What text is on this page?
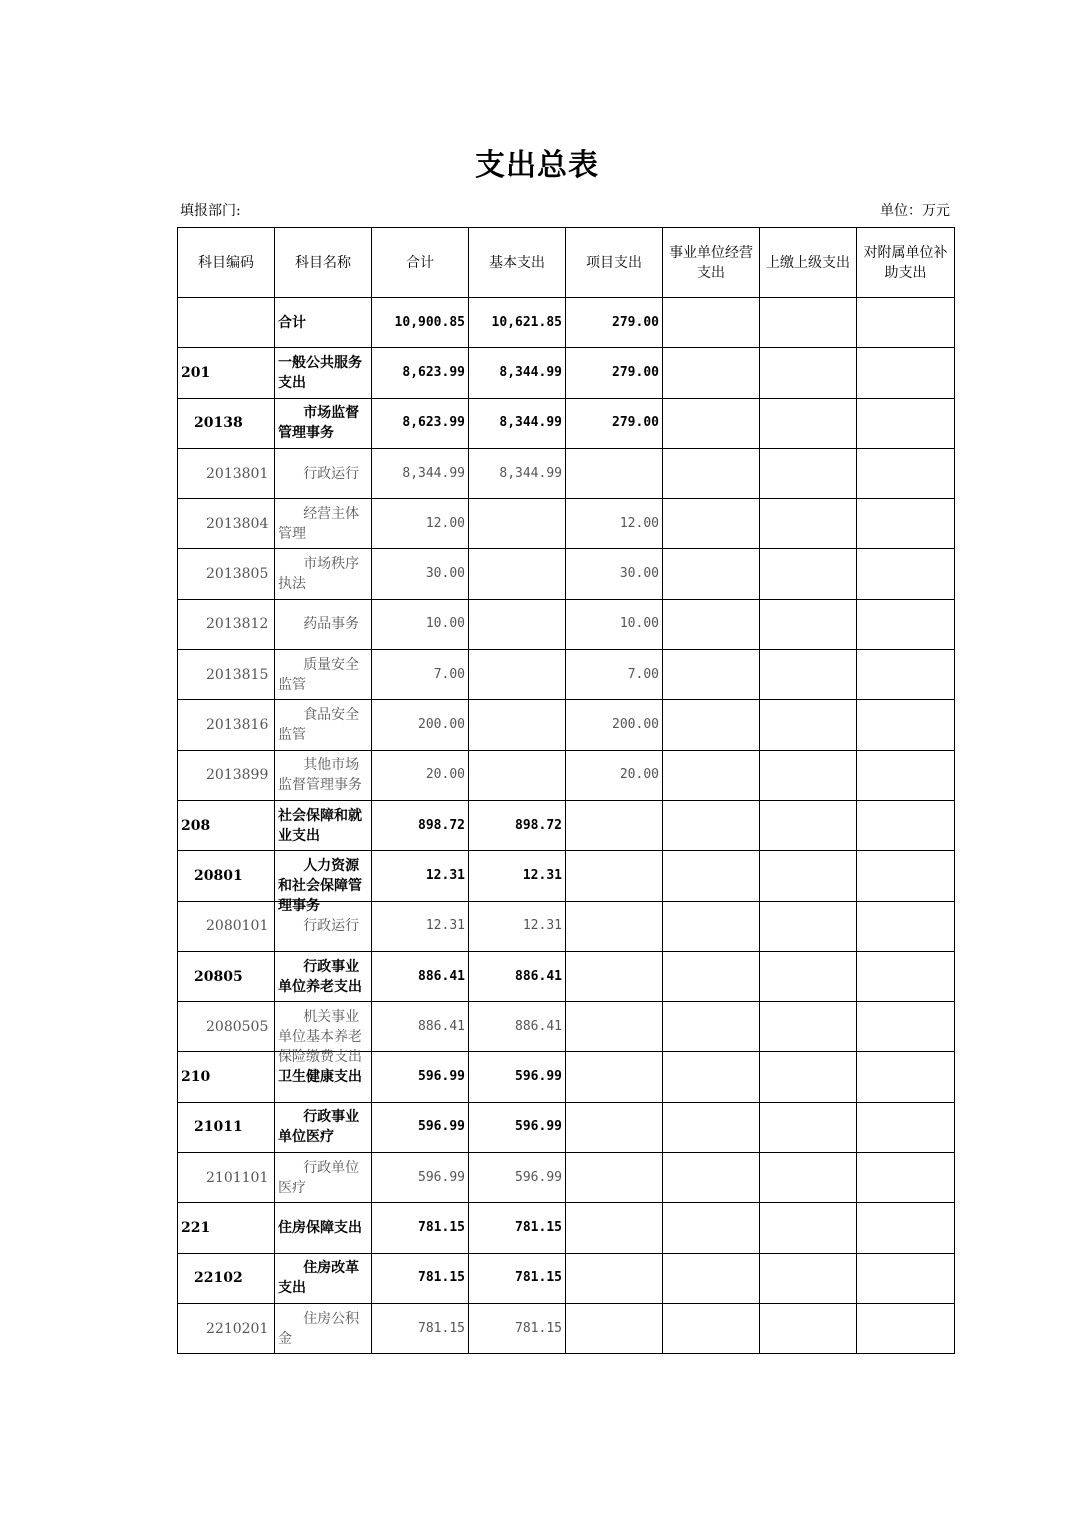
支出总表
填报部门:	单位：万元
科目编码	科目名称	合计	基本支出	项目支出	事业单位经营支出	上缴上级支出	对附属单位补助支出

	合计	10,900.85	10,621.85	279.00			
201	一般公共服务支出	8,623.99	8,344.99	279.00			
20138	市场监督管理事务	8,623.99	8,344.99	279.00			
2013801	行政运行	8,344.99	8,344.99				
2013804	经营主体管理	12.00		12.00			
2013805	市场秩序执法	30.00		30.00			
2013812	药品事务	10.00		10.00			
2013815	质量安全监管	7.00		7.00			
2013816	食品安全监管	200.00		200.00			
2013899	其他市场监督管理事务	20.00		20.00			
208	社会保障和就业支出	898.72	898.72				
20801	人力资源和社会保障管理事务	12.31	12.31				
2080101	行政运行	12.31	12.31				
20805	行政事业单位养老支出	886.41	886.41				
2080505	机关事业单位基本养老保险缴费支出	886.41	886.41				
210	卫生健康支出	596.99	596.99				
21011	行政事业单位医疗	596.99	596.99				
2101101	行政单位医疗	596.99	596.99				
221	住房保障支出	781.15	781.15				
22102	住房改革支出	781.15	781.15				
2210201	住房公积金	781.15	781.15				
